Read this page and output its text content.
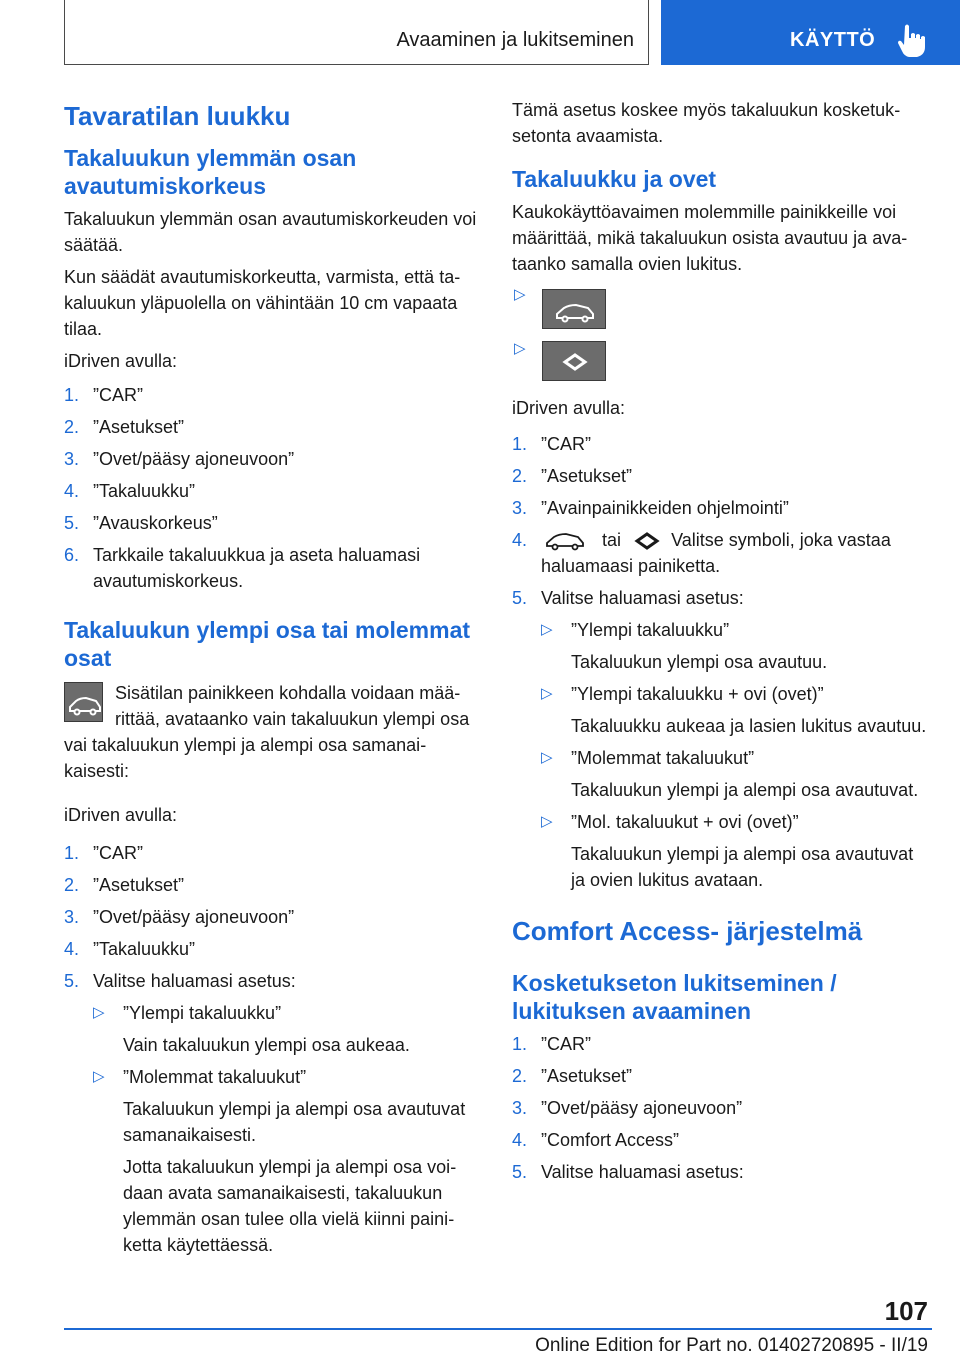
Avaaminen ja lukitseminen	KÄYTTÖ
Tavaratilan luukku
Takaluukun ylemmän osan avautumiskorkeus
Takaluukun ylemmän osan avautumiskorkeuden voi säätää.
Kun säädät avautumiskorkeutta, varmista, että takaluukun yläpuolella on vähintään 10 cm vapaata tilaa.
iDriven avulla:
1. ”CAR”
2. ”Asetukset”
3. ”Ovet/pääsy ajoneuvoon”
4. ”Takaluukku”
5. ”Avauskorkeus”
6. Tarkkaile takaluukkua ja aseta haluamasi avautumiskorkeus.
Takaluukun ylempi osa tai molemmat osat
Sisätilan painikkeen kohdalla voidaan määrittää, avataanko vain takaluukun ylempi osa vai takaluukun ylempi ja alempi osa samanaikaisesti:
iDriven avulla:
1. ”CAR”
2. ”Asetukset”
3. ”Ovet/pääsy ajoneuvoon”
4. ”Takaluukku”
5. Valitse haluamasi asetus:
▷ ”Ylempi takaluukku”
Vain takaluukun ylempi osa aukeaa.
▷ ”Molemmat takaluukut”
Takaluukun ylempi ja alempi osa avautuvat samanaikaisesti.
Jotta takaluukun ylempi ja alempi osa voidaan avata samanaikaisesti, takaluukun ylemmän osan tulee olla vielä kiinni painiketta käytettäessä.
Tämä asetus koskee myös takaluukun kosketuksetonta avaamista.
Takaluukku ja ovet
Kaukokäyttöavaimen molemmille painikkeille voi määrittää, mikä takaluukun osista avautuu ja avataanko samalla ovien lukitus.
▷
▷
iDriven avulla:
1. ”CAR”
2. ”Asetukset”
3. ”Avainpainikkeiden ohjelmointi”
4.	tai	Valitse symboli, joka vastaa haluamaasi painiketta.
5. Valitse haluamasi asetus:
▷ ”Ylempi takaluukku”
Takaluukun ylempi osa avautuu.
▷ ”Ylempi takaluukku + ovi (ovet)”
Takaluukku aukeaa ja lasien lukitus avautuu.
▷ ”Molemmat takaluukut”
Takaluukun ylempi ja alempi osa avautuvat.
▷ ”Mol. takaluukut + ovi (ovet)”
Takaluukun ylempi ja alempi osa avautuvat ja ovien lukitus avataan.
Comfort Access- järjestelmä
Kosketukseton lukitseminen / lukituksen avaaminen
1. ”CAR”
2. ”Asetukset”
3. ”Ovet/pääsy ajoneuvoon”
4. ”Comfort Access”
5. Valitse haluamasi asetus:
107
Online Edition for Part no. 01402720895 - II/19
